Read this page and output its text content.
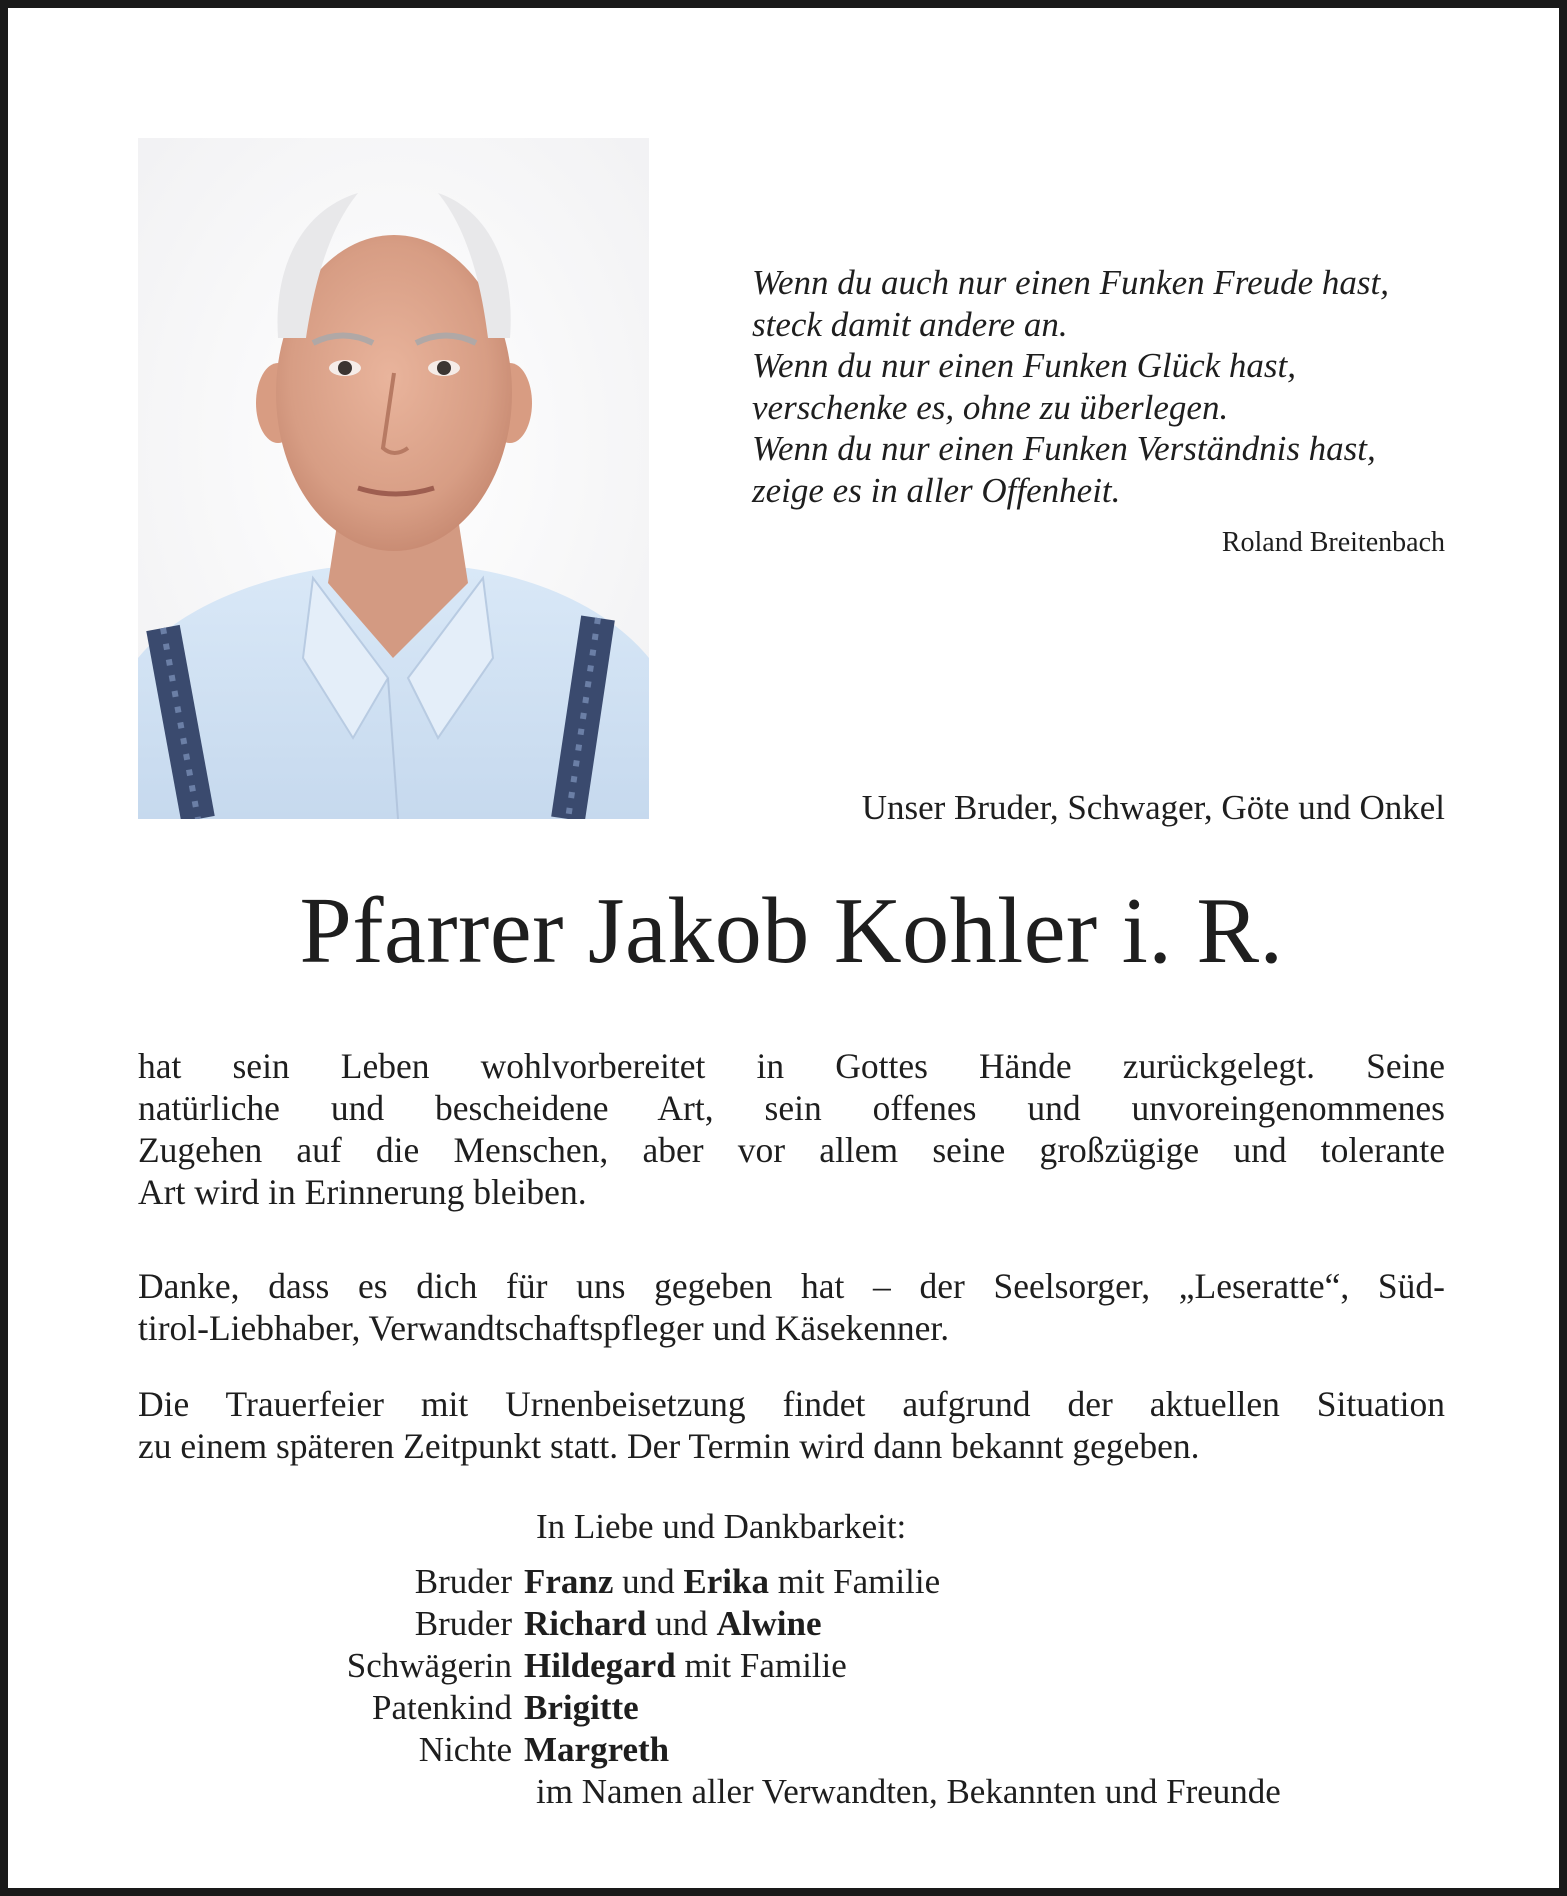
Wenn du auch nur einen Funken Freude hast,
steck damit andere an.
Wenn du nur einen Funken Glück hast,
verschenke es, ohne zu überlegen.
Wenn du nur einen Funken Verständnis hast,
zeige es in aller Offenheit.
Roland Breitenbach
Unser Bruder, Schwager, Göte und Onkel
Pfarrer Jakob Kohler i. R.
hat sein Leben wohlvorbereitet in Gottes Hände zurückgelegt. Seine
natürliche und bescheidene Art, sein offenes und unvoreingenommenes
Zugehen auf die Menschen, aber vor allem seine großzügige und tolerante
Art wird in Erinnerung bleiben.
Danke, dass es dich für uns gegeben hat – der Seelsorger, „Leseratte“, Süd-
tirol-Liebhaber, Verwandtschaftspfleger und Käsekenner.
Die Trauerfeier mit Urnenbeisetzung findet aufgrund der aktuellen Situation
zu einem späteren Zeitpunkt statt. Der Termin wird dann bekannt gegeben.
In Liebe und Dankbarkeit:
Bruder Franz und Erika mit Familie
Bruder Richard und Alwine
Schwägerin Hildegard mit Familie
Patenkind Brigitte
Nichte Margreth
im Namen aller Verwandten, Bekannten und Freunde
